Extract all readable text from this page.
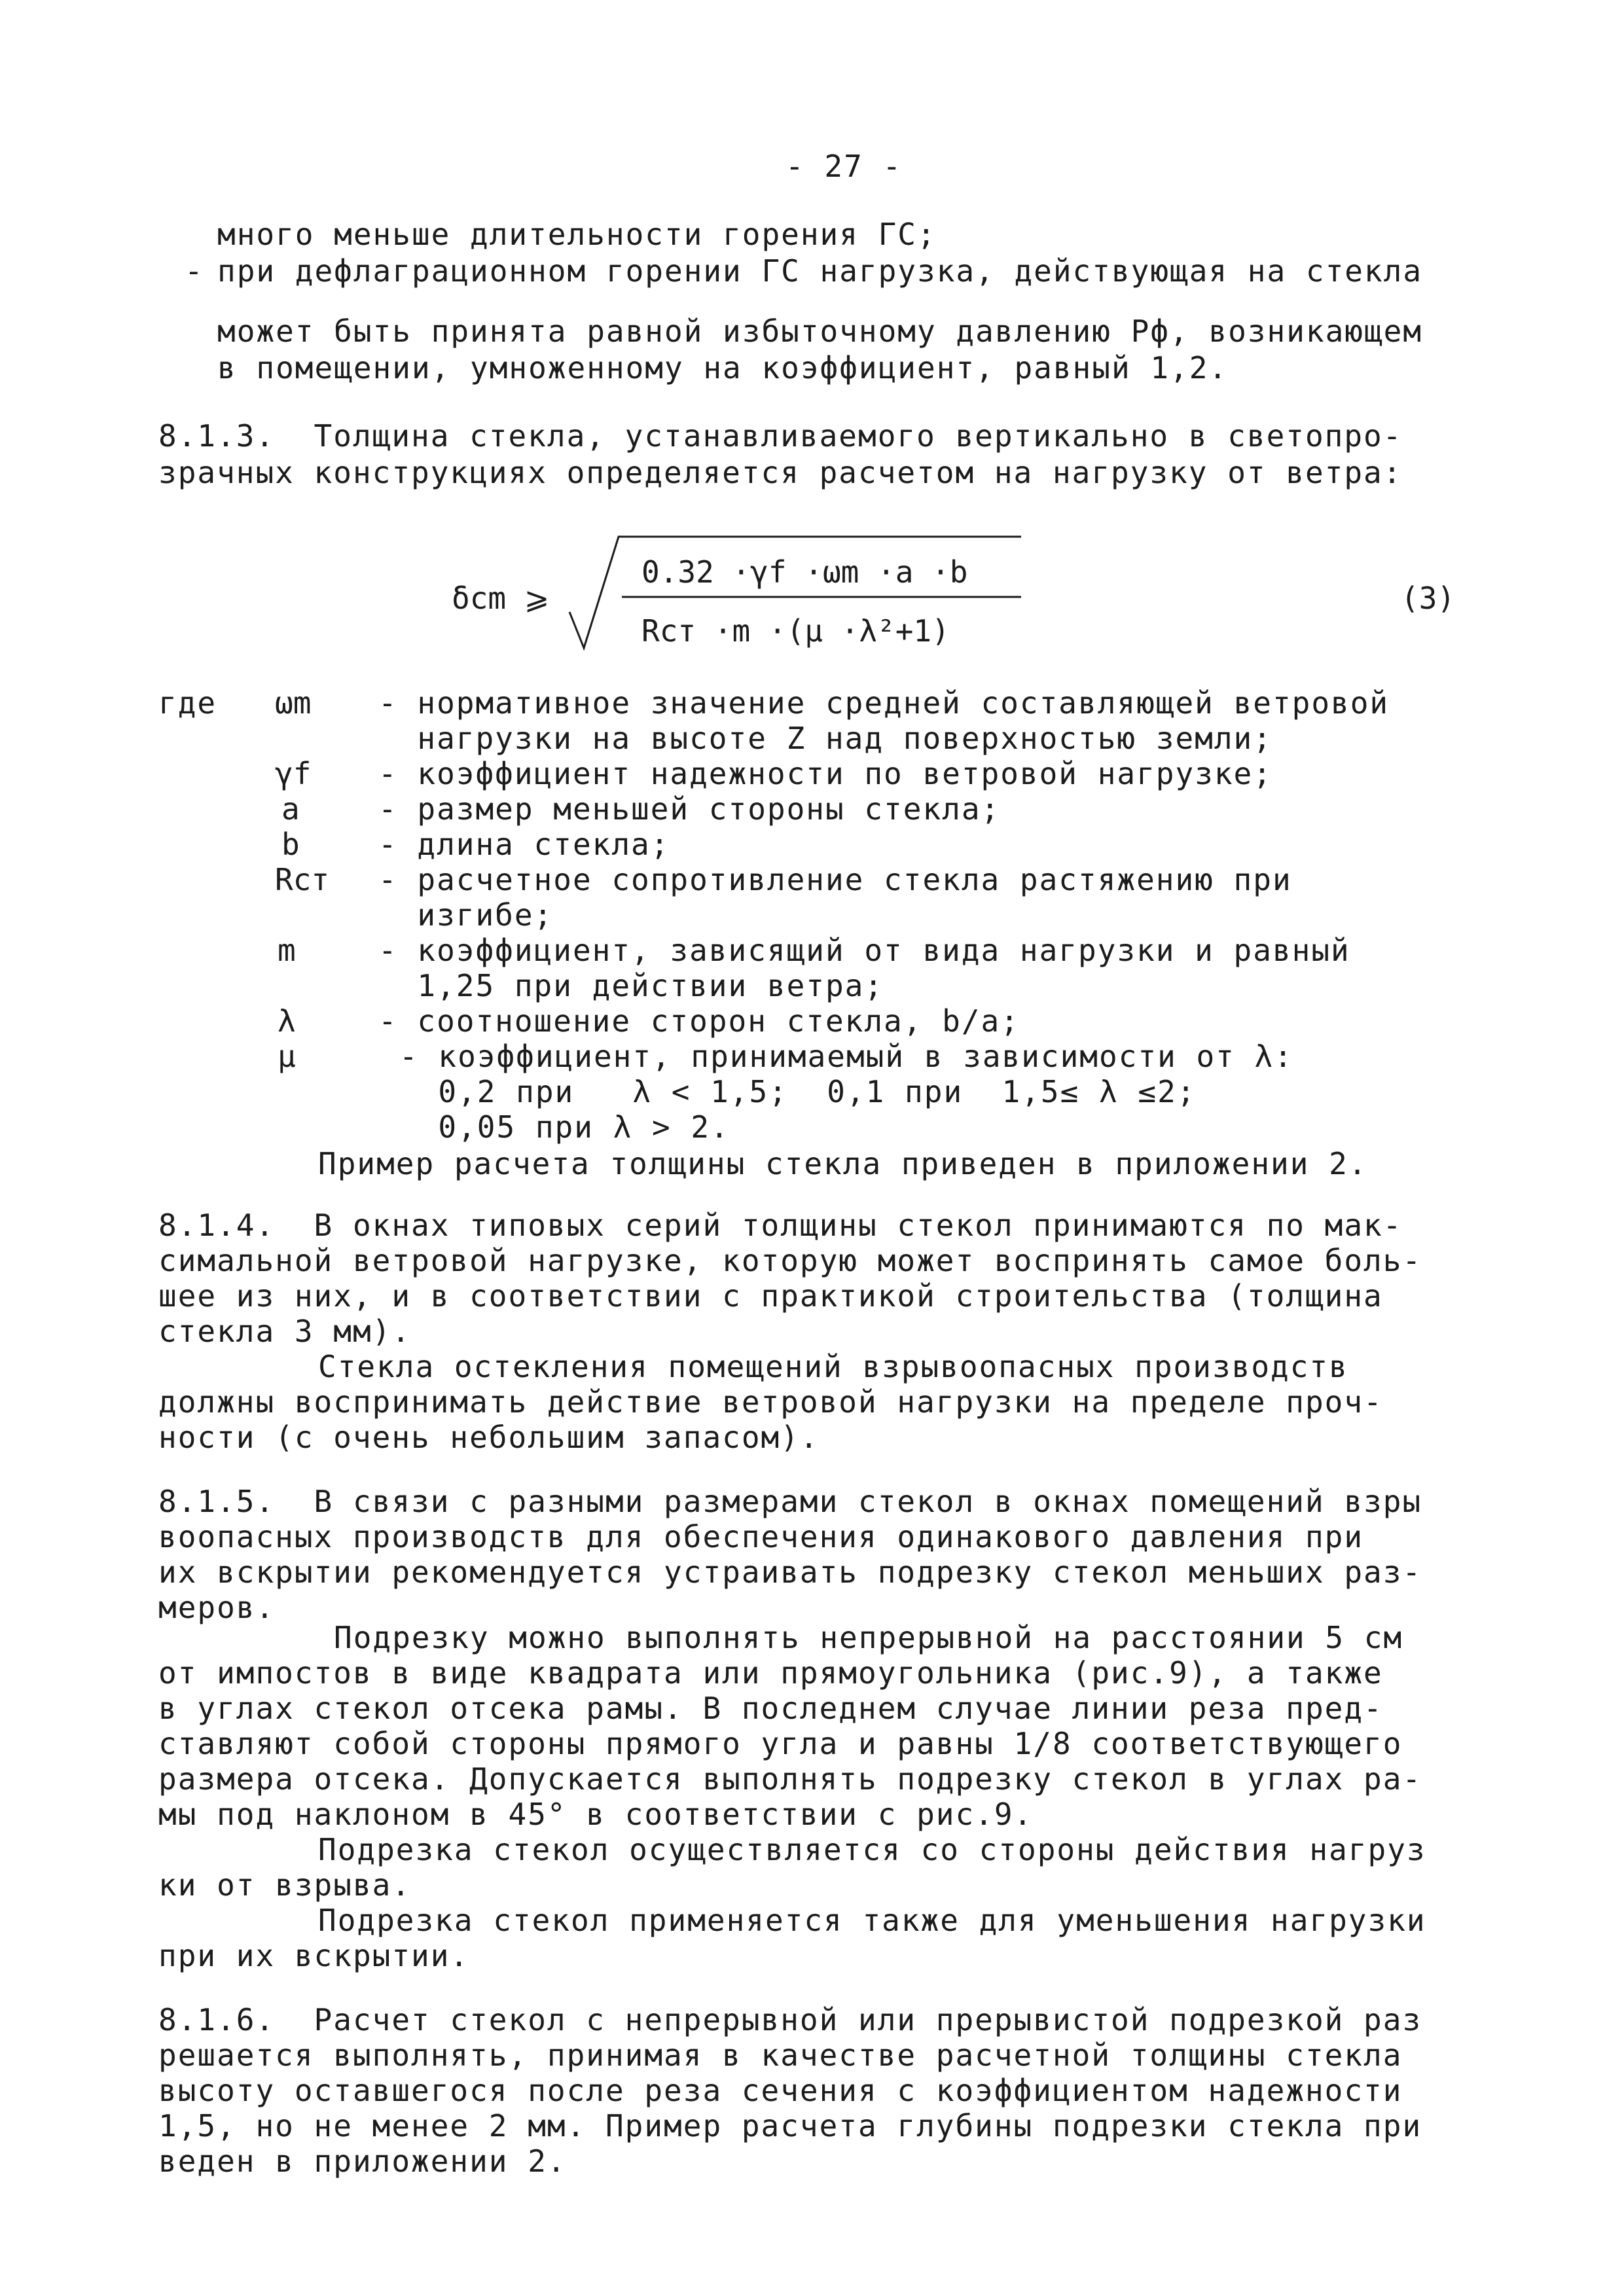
- 27 -
много меньше длительности горения ГС;
- при дефлаграционном горении ГС нагрузка, действующая на стекла
может быть принята равной избыточному давлению Pф, возникающем
в помещении, умноженному на коэффициент, равный 1,2.
8.1.3.  Толщина стекла, устанавливаемого вертикально в светопро-
зрачных конструкциях определяется расчетом на нагрузку от ветра:
δcm ⩾
0.32 ·γf ·ωm ·a ·b
Rст ·m ·(μ ·λ²+1)
(3)
где ωm - нормативное значение средней составляющей ветровой
нагрузки на высоте Z над поверхностью земли;
γf - коэффициент надежности по ветровой нагрузке;
a	- размер меньшей стороны стекла;
b	- длина стекла;
Rст - расчетное сопротивление стекла растяжению при
изгибе;
m	- коэффициент, зависящий от вида нагрузки и равный
1,25 при действии ветра;
λ	- соотношение сторон стекла, b/a;
μ	- коэффициент, принимаемый в зависимости от λ:
0,2 при   λ < 1,5;  0,1 при  1,5≤ λ ≤2;
0,05 при λ > 2.
Пример расчета толщины стекла приведен в приложении 2.
8.1.4.  В окнах типовых серий толщины стекол принимаются по мак-
симальной ветровой нагрузке, которую может воспринять самое боль-
шее из них, и в соответствии с практикой строительства (толщина
стекла 3 мм).
Стекла остекления помещений взрывоопасных производств
должны воспринимать действие ветровой нагрузки на пределе проч-
ности (с очень небольшим запасом).
8.1.5.  В связи с разными размерами стекол в окнах помещений взры
воопасных производств для обеспечения одинакового давления при
их вскрытии рекомендуется устраивать подрезку стекол меньших раз-
меров.
Подрезку можно выполнять непрерывной на расстоянии 5 см
от импостов в виде квадрата или прямоугольника (рис.9), а также
в углах стекол отсека рамы. В последнем случае линии реза пред-
ставляют собой стороны прямого угла и равны 1/8 соответствующего
размера отсека. Допускается выполнять подрезку стекол в углах ра-
мы под наклоном в 45° в соответствии с рис.9.
Подрезка стекол осуществляется со стороны действия нагруз
ки от взрыва.
Подрезка стекол применяется также для уменьшения нагрузки
при их вскрытии.
8.1.6.  Расчет стекол с непрерывной или прерывистой подрезкой раз
решается выполнять, принимая в качестве расчетной толщины стекла
высоту оставшегося после реза сечения с коэффициентом надежности
1,5, но не менее 2 мм. Пример расчета глубины подрезки стекла при
веден в приложении 2.
